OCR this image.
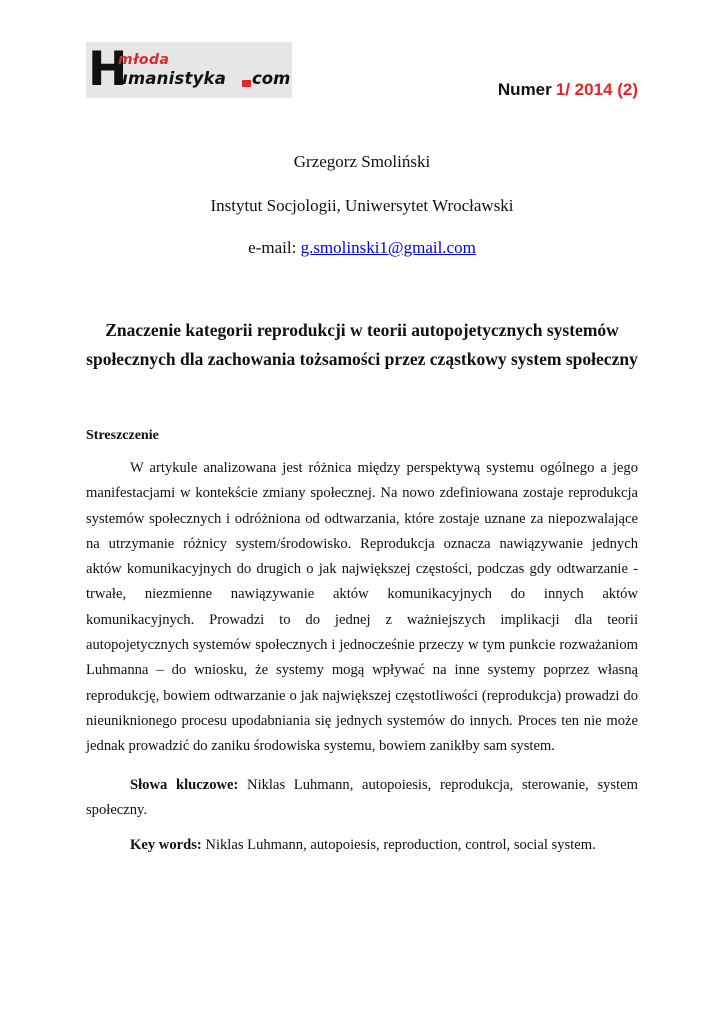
H
młoda
umanistyka com
Numer 1/ 2014 (2)
Grzegorz Smoliński
Instytut Socjologii, Uniwersytet Wrocławski
e-mail: g.smolinski1@gmail.com
Znaczenie kategorii reprodukcji w teorii autopojetycznych systemów społecznych dla zachowania tożsamości przez cząstkowy system społeczny
Streszczenie

W artykule analizowana jest różnica między perspektywą systemu ogólnego a jego manifestacjami w kontekście zmiany społecznej. Na nowo zdefiniowana zostaje reprodukcja systemów społecznych i odróżniona od odtwarzania, które zostaje uznane za niepozwalające na utrzymanie różnicy system/środowisko. Reprodukcja oznacza nawiązywanie jednych aktów komunikacyjnych do drugich o jak największej częstości, podczas gdy odtwarzanie - trwałe, niezmienne nawiązywanie aktów komunikacyjnych do innych aktów komunikacyjnych. Prowadzi to do jednej z ważniejszych implikacji dla teorii autopojetycznych systemów społecznych i jednocześnie przeczy w tym punkcie rozważaniom Luhmanna – do wniosku, że systemy mogą wpływać na inne systemy poprzez własną reprodukcję, bowiem odtwarzanie o jak największej częstotliwości (reprodukcja) prowadzi do nieuniknionego procesu upodabniania się jednych systemów do innych. Proces ten nie może jednak prowadzić do zaniku środowiska systemu, bowiem zanikłby sam system.

Słowa kluczowe: Niklas Luhmann, autopoiesis, reprodukcja, sterowanie, system społeczny.

Key words: Niklas Luhmann, autopoiesis, reproduction, control, social system.
